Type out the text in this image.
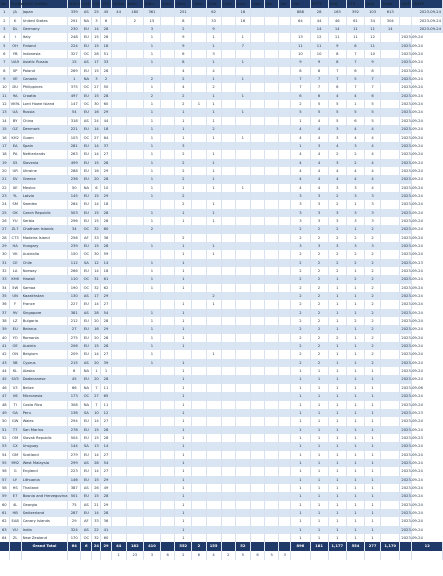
Nr	Prefix	DXCC Entity	DXCC	Cnt	CQ	ITU	160m	80m	60m	40m	30m	20m	17m	15m	12m	10m	6m	2m	CW	RTTY	SSB	FT8	Digi	Total	QRP	DATE
1	JA	Japan	339	AS	25	45	44	180	361		251		62		18				888	28	163	392	103	613		2023-09-24
2	K	United States	291	NA	3	6		2	15		8		33		16				64	44	46	61	34	304		2023-09-24
3	DL	Germany	230	EU	14	28			3		2		9							14	14	11	11	14		2023-09-24
4	I	Italy	248	EU	15	28			1		9		1		1				13	12	11	11	12		2023-09-24	
5	OH	Finland	224	EU	15	18			1		9		1		7				11	11	9	6	11		2023-09-24	
6	YB	Indonesia	327	OC	28	51			1		6		3						10	10	8	7	10		2023-09-24	
7	UA9	Asiatic Russia	15	AS	17	33			1		8		1		1				9	9	8	7	9		2023-09-24	
8	SP	Poland	269	EU	15	28					4		4						8	8	7	6	8		2023-09-24	
9	VE	Canada	1	NA	3	2			2		2		1		1				7	7	7	5	7		2023-09-24	
10	DU	Philippines	375	OC	27	50			1		4		2						7	7	6	7	7		2023-09-24	
11	9A	Croatia	497	EU	15	28			2		2		1		1				6	6	4	4	6		2023-09-24	
12	VK9L	Lord Howe Island	147	OC	30	60			1		2	1	1						2	5	5	1	5		2023-09-24	
13	UA	Russia	54	EU	16	29			1		1		1		1				5	5	5	5	5		2023-09-24	
14	BY	China	318	AS	24	44			1		1		1						1	4	5	6	5		2023-09-24	
15	OZ	Denmark	221	EU	14	18			1		1		2						4	4	3	4	4		2023-09-24	
16	KH2	Guam	103	OC	27	64			1		1		1		1				4	4	3	4	4		2023-09-24	
17	EA	Spain	281	EU	14	37			1		3								1	3	4	3	4		2023-09-24	
18	PA	Netherlands	263	EU	14	27			1		2		1						4	4	2	2	4		2023-09-24	
19	S5	Slovenia	499	EU	15	28			1		2		1						4	4	3	2	4		2023-09-24	
20	UR	Ukraine	288	EU	16	29			1		2		1						4	4	4	4	4		2023-09-24	
21	SV	Greece	236	EU	20	28			1		2		1						4	4	4	4	4		2023-09-24	
22	XE	Mexico	50	NA	6	10			1		1		1		1				4	4	3	3	4		2023-09-24	
23	YL	Latvia	145	EU	15	29			1		2								3	3	2	3	3		2023-09-24	
24	SM	Sweden	284	EU	14	18					2		1						3	3	2	1	3		2023-09-24	
25	OK	Czech Republic	503	EU	15	28			1		1		1						3	3	3	3	3		2023-09-24	
26	YU	Serbia	296	EU	15	28			1		1		1						3	3	3	3	3		2023-09-24	
27	ZL7	Chatham Islands	34	OC	32	60			2										2	2	2	1	2		2023-09-24	
28	CT3	Madeira Island	256	AF	33	36					2								2	2	2	2	2		2023-09-24	
29	HA	Hungary	239	EU	15	28			1		1		1						3	3	3	3	3		2023-09-24	
30	VK	Australia	150	OC	30	59					1		1						2	2	2	2	2		2023-09-24	
31	CE	Chile	112	SA	12	14			1		1								2	2	2	2	2		2023-09-23	
32	LA	Norway	266	EU	14	18			1		1								2	2	2	1	2		2023-09-24	
33	KH6	Hawaii	110	OC	31	61			1		1								2	2	1	2	2		2023-09-24	
34	5W	Samoa	190	OC	32	62			1		1								2	2	1	1	2		2023-09-24	
35	UN	Kazakhstan	130	AS	17	29							2						2	2	1	1	2		2023-09-24	
36	F	France	227	EU	14	27					1		1						2	2	1	1	2		2023-09-24	
37	9V	Singapore	381	AS	28	54			1		1								2	2	1	1	2		2023-09-24	
38	LZ	Bulgaria	212	EU	20	28			1		1								2	2	1	2	2		2023-09-24	
39	EU	Belarus	27	EU	16	29			1		1								2	2	1	1	2		2023-09-24	
40	YO	Romania	275	EU	20	28			1		1								2	2	2	1	2		2023-09-24	
41	OE	Austria	206	EU	15	28			1		1								2	2	1	1	2		2023-09-24	
42	ON	Belgium	209	EU	14	27			1				1						2	2	1	1	2		2023-09-24	
43	5B	Cyprus	215	AS	20	39			1		1								2	2	1	1	2		2023-09-24	
44	KL	Alaska	6	NA	1	1					1								1	1	1	1	1		2023-09-24	
45	SV5	Dodecanese	45	EU	20	28					1								1	1	1	1	1		2023-09-24	
46	V3	Belize	66	NA	7	11					1								1	1	1	1	1		2023-09-06	
47	V6	Micronesia	173	OC	27	65					1								1	1	1	1	1		2023-09-24	
48	TI	Costa Rica	308	NA	7	11					1								1	1	1	1	1		2023-09-24	
49	OA	Peru	136	SA	10	12					1								1	1	1	1	1		2023-09-23	
50	GW	Wales	294	EU	14	27					1								1	1	1	1	1		2023-09-24	
51	T7	San Marino	278	EU	15	28					1								1	1	1	1	1		2023-09-24	
52	OM	Slovak Republic	504	EU	15	28					1								1	1	1	1	1		2023-09-23	
53	CX	Uruguay	144	SA	13	14					1								1	1	1	1	1		2023-09-24	
54	GM	Scotland	279	EU	14	27					1								1	1	1	1	1		2023-09-24	
55	9M2	West Malaysia	299	AS	28	54					1								1	1	1	1	1		2023-09-24	
56	G	England	223	EU	14	27					1								1	1	1	1	1		2023-09-24	
57	LY	Lithuania	146	EU	15	29					1								1	1	1	1	1		2023-09-24	
58	HS	Thailand	387	AS	26	49					1								1	1	1	1	1		2023-09-24	
59	E7	Bosnia and Herzegovina	501	EU	15	28					1								1	1	1	1	1		2023-09-24	
60	4L	Georgia	75	AS	21	29					1								1	1	1	1	1		2023-09-24	
61	HB	Switzerland	287	EU	14	28					1								1	1	1	1	1		2023-09-24	
62	EA8	Canary Islands	29	AF	33	36					1								1	1	1	1	1		2023-09-24	
63	VU	India	324	AS	22	41					1								1	1	1	1	1		2023-09-24	
64	ZL	New Zealand	170	OC	32	60					1								1	1	1	1	1		2023-09-24	
		Grand Total	64	6	24	29	44	182	410		552	2	155		52				896	181	1,177	554	277	1,170		12
							1	23	3	6	2	6	4	2	5	6	5	3								
